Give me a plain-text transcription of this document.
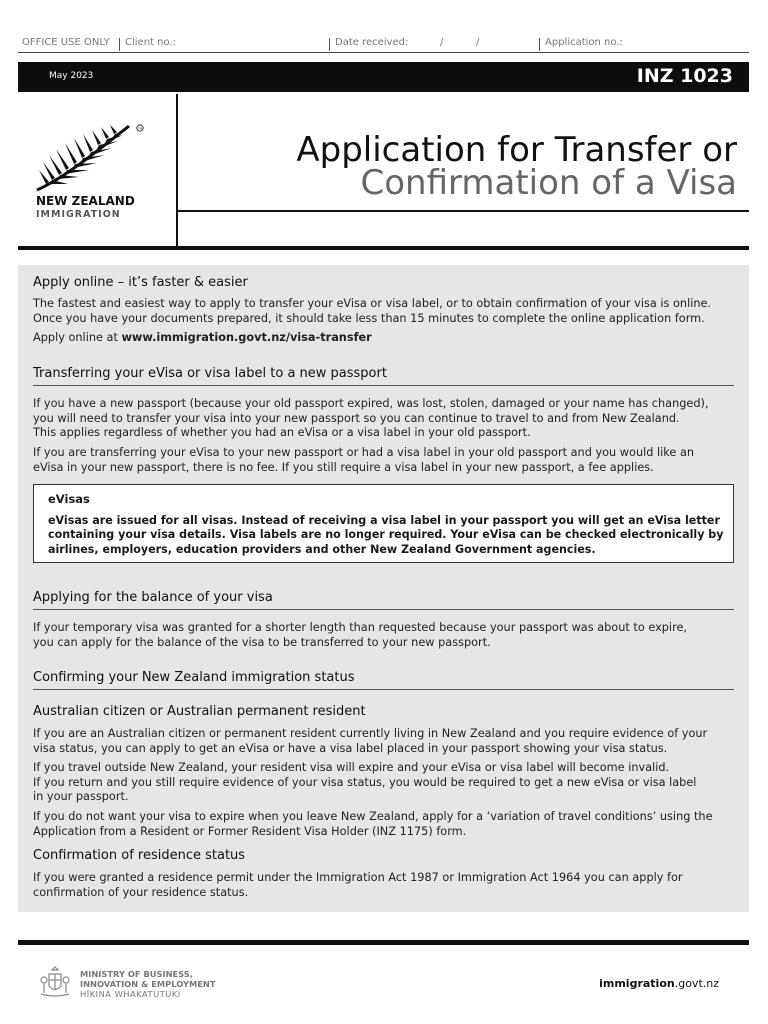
OFFICE USE ONLY Client no.:	Date received:	/	/	Application no.:
May 2023	INZ 1023
TM
NEW ZEALAND
IMMIGRATION
Application for Transfer or
Confirmation of a Visa
Apply online – it’s faster & easier
The fastest and easiest way to apply to transfer your eVisa or visa label, or to obtain confirmation of your visa is online.
Once you have your documents prepared, it should take less than 15 minutes to complete the online application form.
Apply online at www.immigration.govt.nz/visa-transfer
Transferring your eVisa or visa label to a new passport
If you have a new passport (because your old passport expired, was lost, stolen, damaged or your name has changed),
you will need to transfer your visa into your new passport so you can continue to travel to and from New Zealand.
This applies regardless of whether you had an eVisa or a visa label in your old passport.
If you are transferring your eVisa to your new passport or had a visa label in your old passport and you would like an
eVisa in your new passport, there is no fee. If you still require a visa label in your new passport, a fee applies.
eVisas
eVisas are issued for all visas. Instead of receiving a visa label in your passport you will get an eVisa letter
containing your visa details. Visa labels are no longer required. Your eVisa can be checked electronically by
airlines, employers, education providers and other New Zealand Government agencies.
Applying for the balance of your visa
If your temporary visa was granted for a shorter length than requested because your passport was about to expire,
you can apply for the balance of the visa to be transferred to your new passport.
Confirming your New Zealand immigration status
Australian citizen or Australian permanent resident
If you are an Australian citizen or permanent resident currently living in New Zealand and you require evidence of your
visa status, you can apply to get an eVisa or have a visa label placed in your passport showing your visa status.
If you travel outside New Zealand, your resident visa will expire and your eVisa or visa label will become invalid.
If you return and you still require evidence of your visa status, you would be required to get a new eVisa or visa label
in your passport.
If you do not want your visa to expire when you leave New Zealand, apply for a ‘variation of travel conditions’ using the
Application from a Resident or Former Resident Visa Holder (INZ 1175) form.
Confirmation of residence status
If you were granted a residence permit under the Immigration Act 1987 or Immigration Act 1964 you can apply for
confirmation of your residence status.
MINISTRY OF BUSINESS,
INNOVATION & EMPLOYMENT
HĪKINA WHAKATUTUKI
immigration.govt.nz
